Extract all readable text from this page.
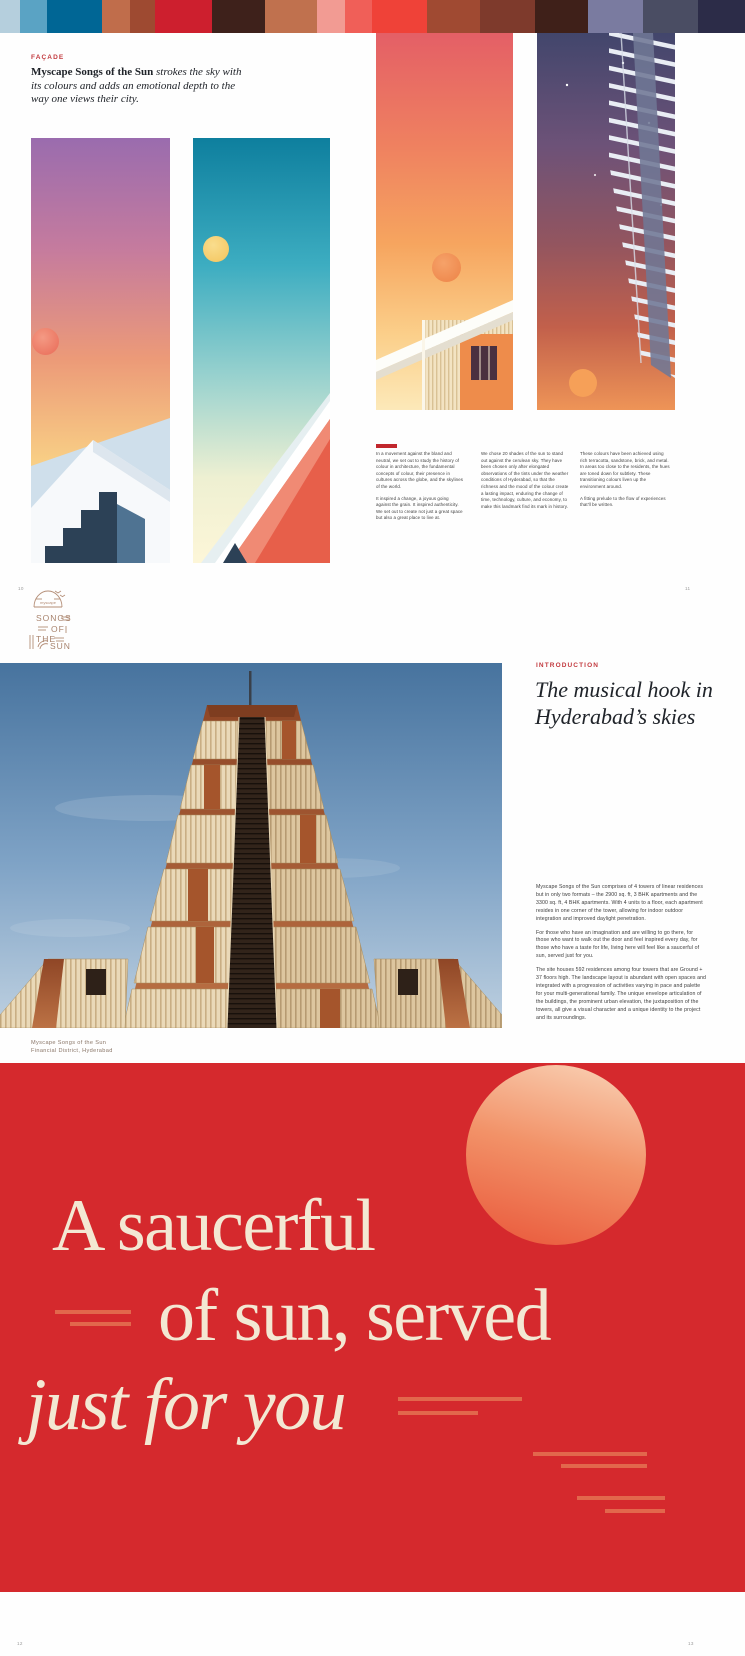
FAÇADE
Myscape Songs of the Sun strokes the sky with its colours and adds an emotional depth to the way one views their city.

In a movement against the bland and neutral, we set out to study the history of colour in architecture, the fundamental concepts of colour, their presence in cultures across the globe, and the skylines of the world.

It inspired a change, a joyous going against the grain. It inspired authenticity. We set out to create not just a great space but also a great place to live at.

We chose 20 shades of the sun to stand out against the cerulean sky. They have been chosen only after elongated observations of the tints under the weather conditions of Hyderabad, so that the richness and the mood of the colour create a lasting impact, enduring the change of time, technology, culture, and economy, to make this landmark find its mark in history.

These colours have been achieved using rich terracotta, sandstone, brick, and metal. In areas too close to the residents, the hues are toned down for subtlety. These transitioning colours liven up the environment around.

A fitting prelude to the flow of experiences that'll be written.

10	11
myscape
SONGS
OF
THE
SUN
Myscape Songs of the Sun
Financial District, Hyderabad
INTRODUCTION
The musical hook in
Hyderabad’s skies

Myscape Songs of the Sun comprises of 4 towers of linear residences but in only two formats – the 2900 sq. ft, 3 BHK apartments and the 3300 sq. ft, 4 BHK apartments. With 4 units to a floor, each apartment resides in one corner of the tower, allowing for indoor outdoor integration and improved daylight penetration.

For those who have an imagination and are willing to go there, for those who want to walk out the door and feel inspired every day, for those who have a taste for life, living here will feel like a saucerful of sun, served just for you.

The site houses 592 residences among four towers that are Ground + 37 floors high. The landscape layout is abundant with open spaces and integrated with a progression of activities varying in pace and palette for your multi-generational family. The unique envelope articulation of the buildings, the prominent urban elevation, the juxtaposition of the towers, all give a visual character and a unique identity to the project and its surroundings.

A saucerful
of sun, served
just for you
12	13
